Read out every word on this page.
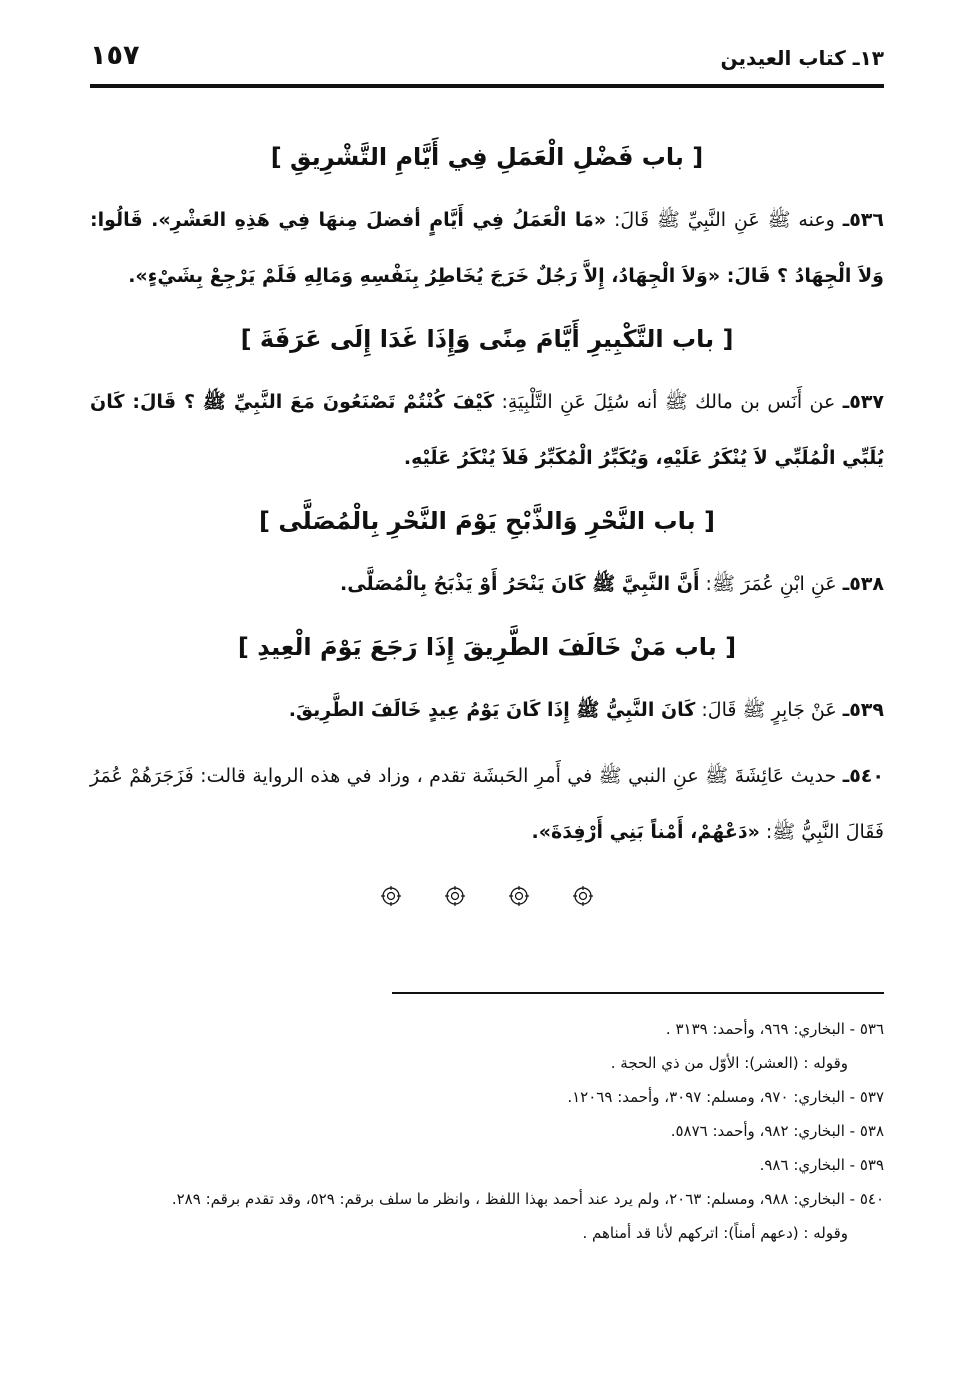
١٥٧	١٣ـ كتاب العيدين
[ باب فَضْلِ الْعَمَلِ فِي أَيَّامِ التَّشْرِيقِ ]

٥٣٦ ـ وعنه ﷺ عَنِ النَّبِيِّ ﷺ قَالَ: «مَا الْعَمَلُ فِي أَيَّامٍ أفضلَ مِنهَا فِي هَذِهِ العَشْرِ». قَالُوا: وَلاَ الْجِهَادُ ؟ قَالَ: «وَلاَ الْجِهَادُ، إِلاَّ رَجُلٌ خَرَجَ يُخَاطِرُ بِنَفْسِهِ وَمَالِهِ فَلَمْ يَرْجِعْ بِشَيْءٍ».

[ باب التَّكْبِيرِ أَيَّامَ مِنًى وَإِذَا غَدَا إِلَى عَرَفَةَ ]

٥٣٧ ـ عن أَنَس بن مالك ﷺ أنه سُئِلَ عَنِ التَّلْبِيَةِ: كَيْفَ كُنْتُمْ تَصْنَعُونَ مَعَ النَّبِيِّ ﷺ ؟ قَالَ: كَانَ يُلَبِّي الْمُلَبِّي لاَ يُنْكَرُ عَلَيْهِ، وَيُكَبِّرُ الْمُكَبِّرُ فَلاَ يُنْكَرُ عَلَيْهِ.

[ باب النَّحْرِ وَالذَّبْحِ يَوْمَ النَّحْرِ بِالْمُصَلَّى ]

٥٣٨ ـ عَنِ ابْنِ عُمَرَ ﷺ: أَنَّ النَّبِيَّ ﷺ كَانَ يَنْحَرُ أَوْ يَذْبَحُ بِالْمُصَلَّى.

[ باب مَنْ خَالَفَ الطَّرِيقَ إِذَا رَجَعَ يَوْمَ الْعِيدِ ]

٥٣٩ ـ عَنْ جَابِرٍ ﷺ قَالَ: كَانَ النَّبِيُّ ﷺ إِذَا كَانَ يَوْمُ عِيدٍ خَالَفَ الطَّرِيقَ.

٥٤٠ ـ حديث عَائِشَةَ ﷺ عنِ النبي ﷺ في أَمرِ الحَبشَة تقدم ، وزاد في هذه الرواية قالت: فَزَجَرَهُمْ عُمَرُ فَقَالَ النَّبِيُّ ﷺ: «دَعْهُمْ، أَمْناً بَنِي أَرْفِدَةَ».

٥٣٦ - البخاري: ٩٦٩، وأحمد: ٣١٣٩ .

وقوله : (العشر): الأوّل من ذي الحجة .

٥٣٧ - البخاري: ٩٧٠، ومسلم: ٣٠٩٧، وأحمد: ١٢٠٦٩.

٥٣٨ - البخاري: ٩٨٢، وأحمد: ٥٨٧٦.

٥٣٩ - البخاري: ٩٨٦.

٥٤٠ - البخاري: ٩٨٨، ومسلم: ٢٠٦٣، ولم يرد عند أحمد بهذا اللفظ ، وانظر ما سلف برقم: ٥٢٩، وقد تقدم برقم: ٢٨٩.

وقوله : (دعهم أمناً): اتركهم لأنا قد أمناهم .
